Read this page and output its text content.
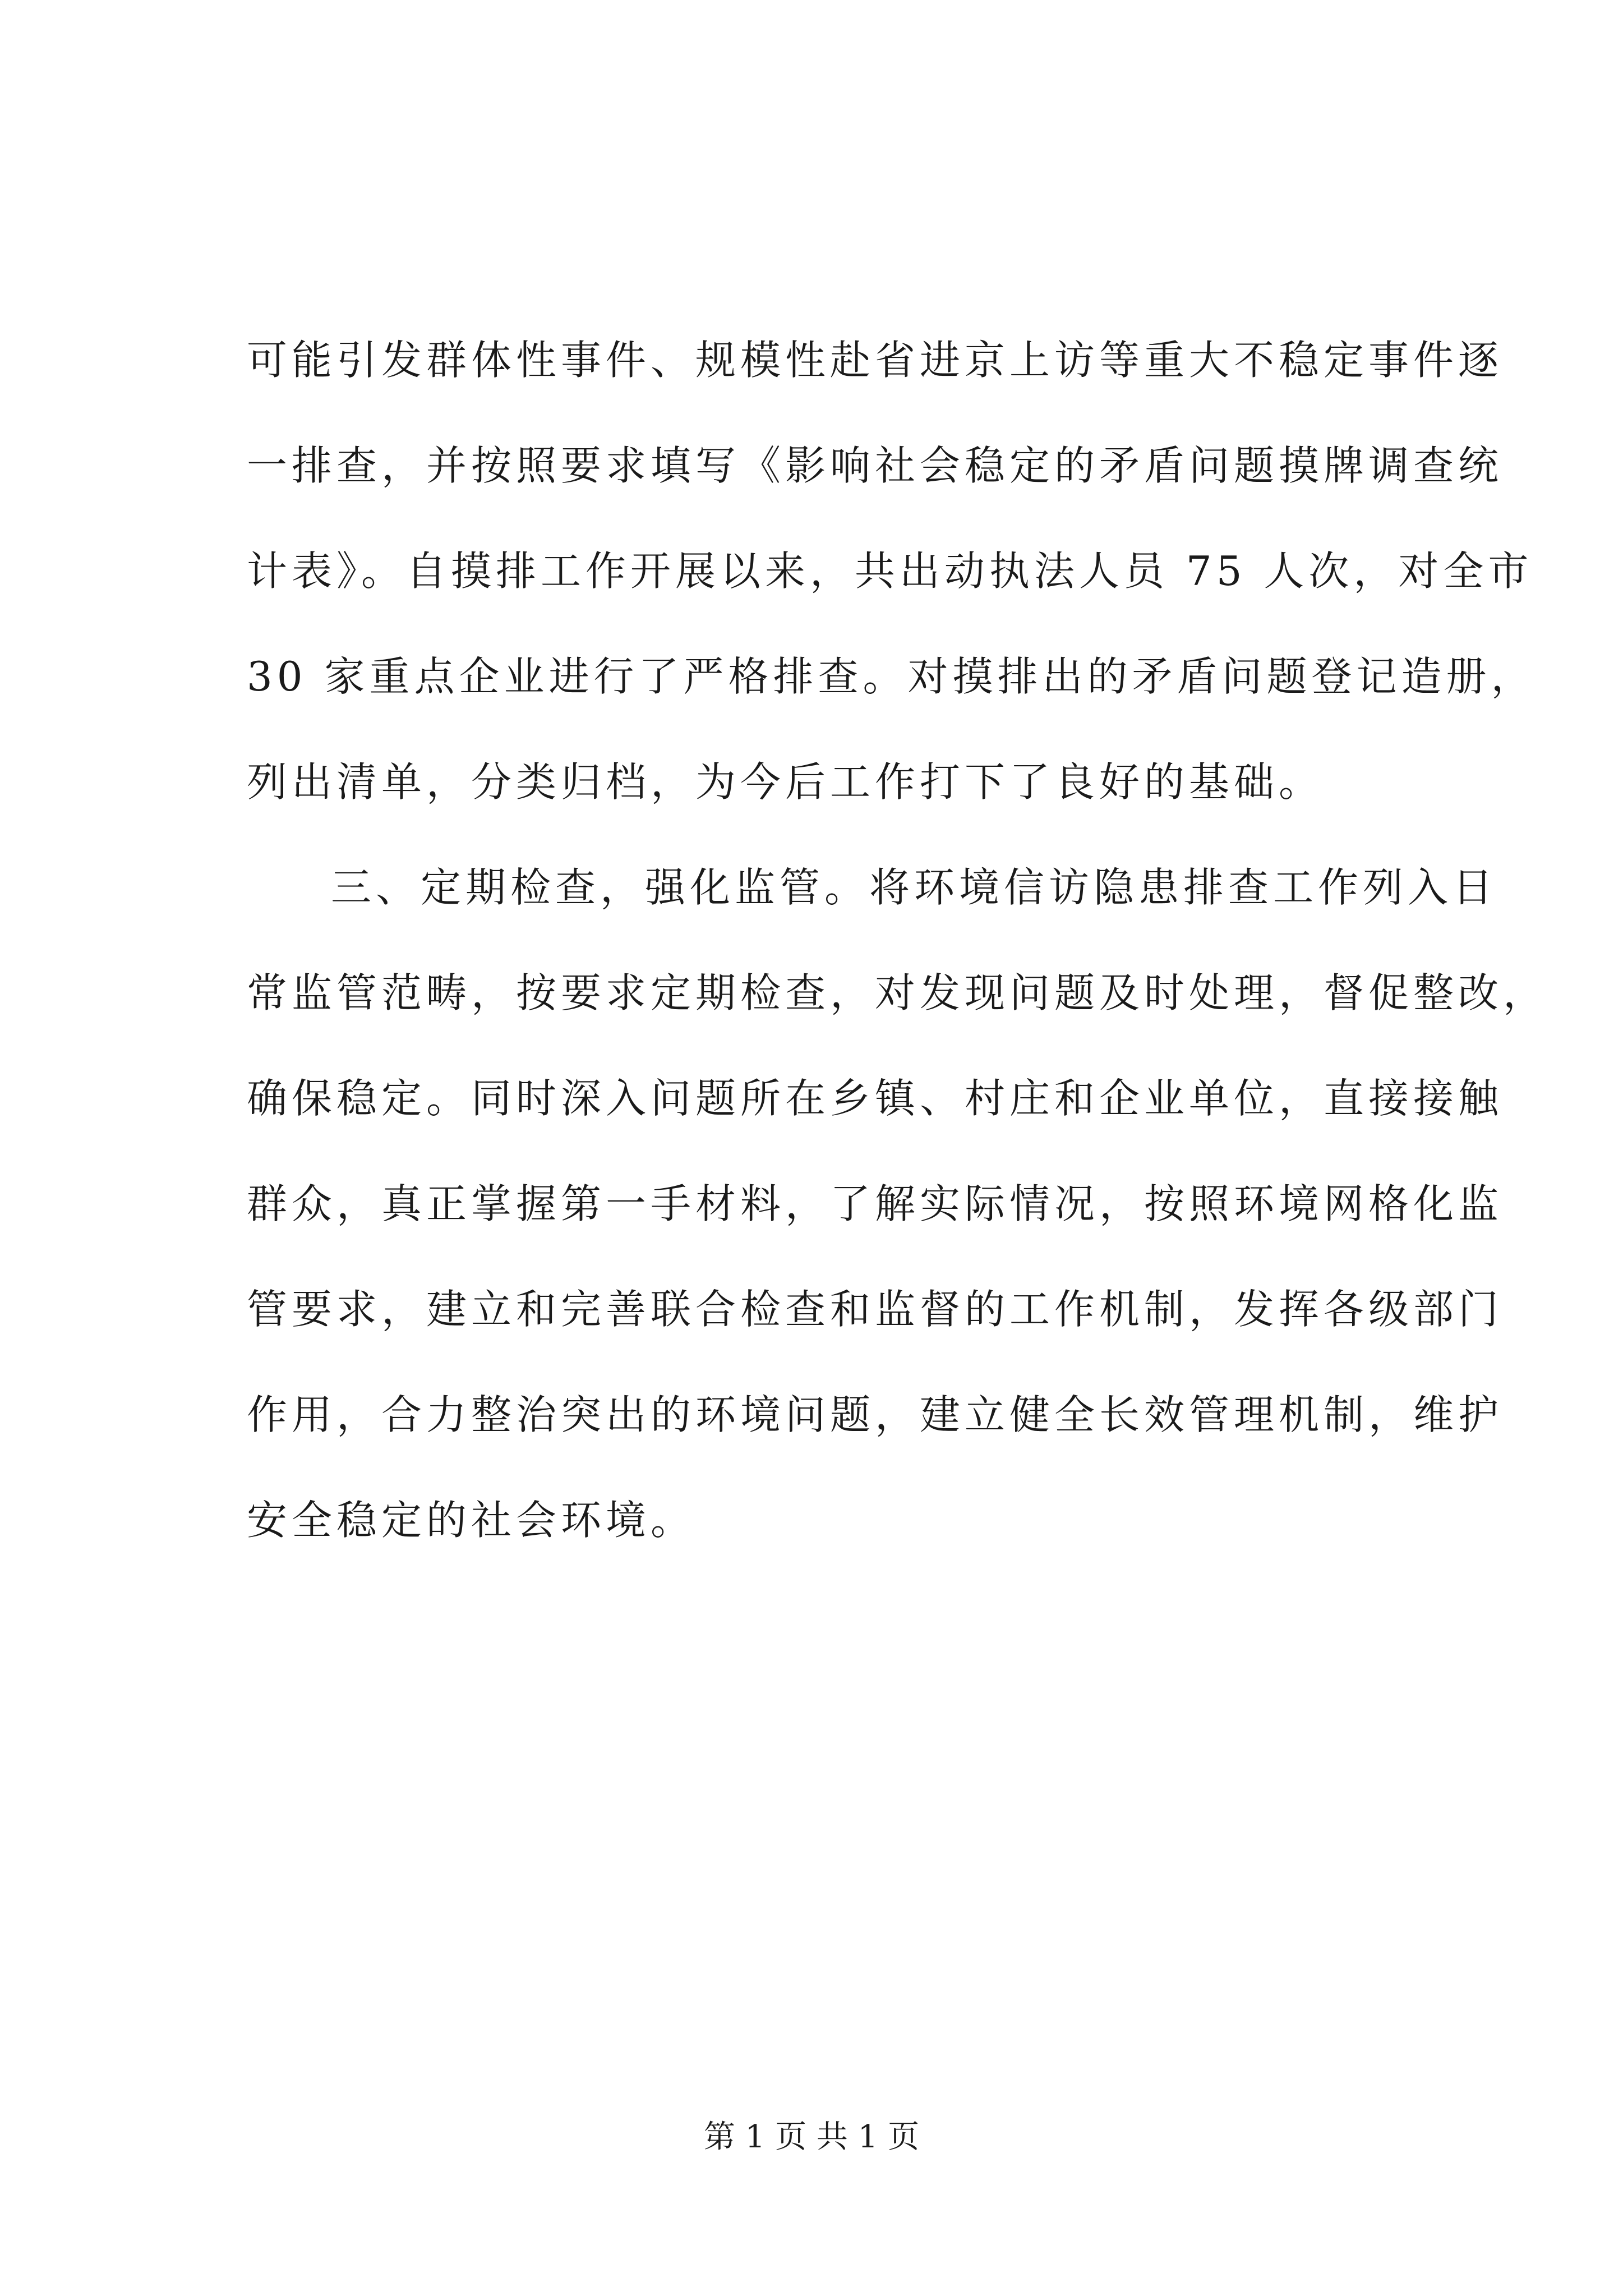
可能引发群体性事件、规模性赴省进京上访等重大不稳定事件逐
一排查，并按照要求填写《影响社会稳定的矛盾问题摸牌调查统
计表》。自摸排工作开展以来，共出动执法人员 75 人次，对全市
30 家重点企业进行了严格排查。对摸排出的矛盾问题登记造册，
列出清单，分类归档，为今后工作打下了良好的基础。
三、定期检查，强化监管。将环境信访隐患排查工作列入日
常监管范畴，按要求定期检查，对发现问题及时处理，督促整改，
确保稳定。同时深入问题所在乡镇、村庄和企业单位，直接接触
群众，真正掌握第一手材料，了解实际情况，按照环境网格化监
管要求，建立和完善联合检查和监督的工作机制，发挥各级部门
作用，合力整治突出的环境问题，建立健全长效管理机制，维护
安全稳定的社会环境。
第 1 页 共 1 页
